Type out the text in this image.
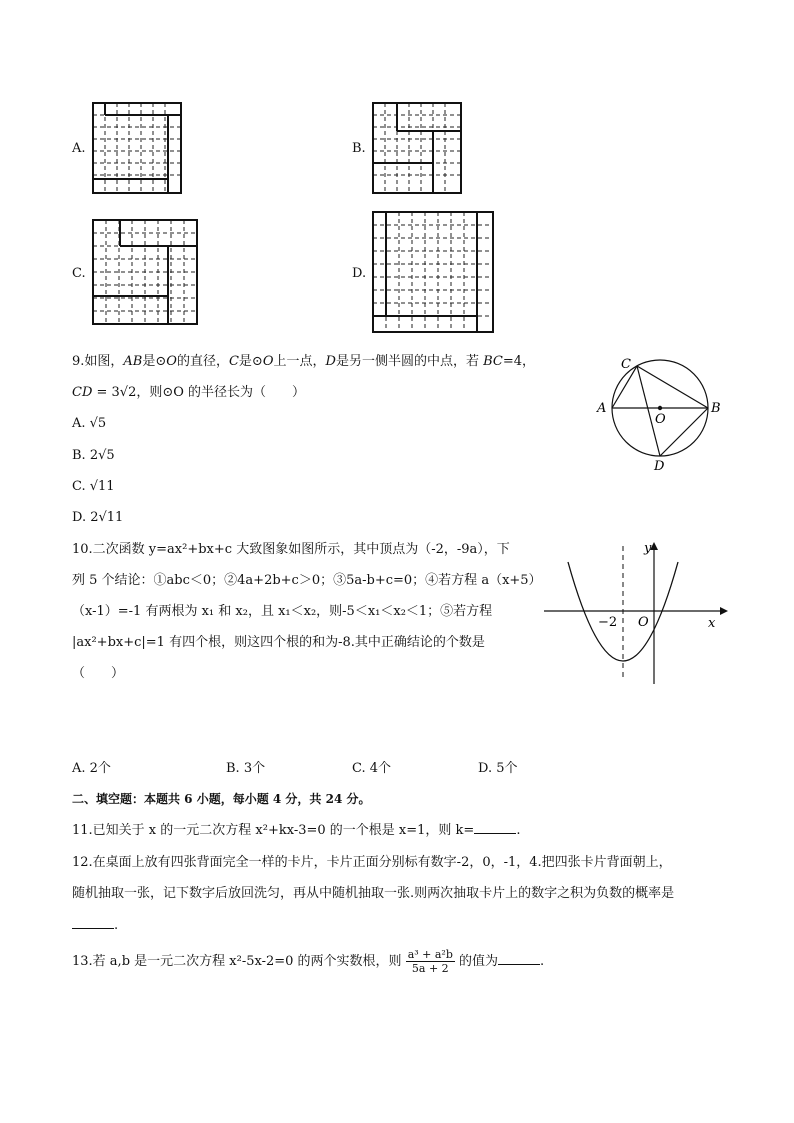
A.	B.
C.	D.
9.如图，AB是⊙O的直径，C是⊙O上一点，D是另一侧半圆的中点，若 BC=4，
CD = 3√2，则⊙O 的半径长为（　　）
A. √5
B. 2√5
C. √11
D. 2√11
C
A	B
O
D
10.二次函数 y=ax²+bx+c 大致图象如图所示，其中顶点为（-2，-9a），下
列 5 个结论：①abc＜0；②4a+2b+c＞0；③5a-b+c=0；④若方程 a（x+5）
（x-1）=-1 有两根为 x₁ 和 x₂，且 x₁＜x₂，则-5＜x₁＜x₂＜1；⑤若方程
|ax²+bx+c|=1 有四个根，则这四个根的和为-8.其中正确结论的个数是
（　　）
y
x
−2 O
A. 2个	B. 3个	C. 4个	D. 5个
二、填空题：本题共 6 小题，每小题 4 分，共 24 分。
11.已知关于 x 的一元二次方程 x²+kx-3=0 的一个根是 x=1，则 k=	.
12.在桌面上放有四张背面完全一样的卡片，卡片正面分别标有数字-2，0，-1，4.把四张卡片背面朝上，
随机抽取一张，记下数字后放回洗匀，再从中随机抽取一张.则两次抽取卡片上的数字之积为负数的概率是
.
13.若 a,b 是一元二次方程 x²-5x-2=0 的两个实数根，则 $\frac{\text{a³ + a²b}}{5a + 2}$ 的值为	.
